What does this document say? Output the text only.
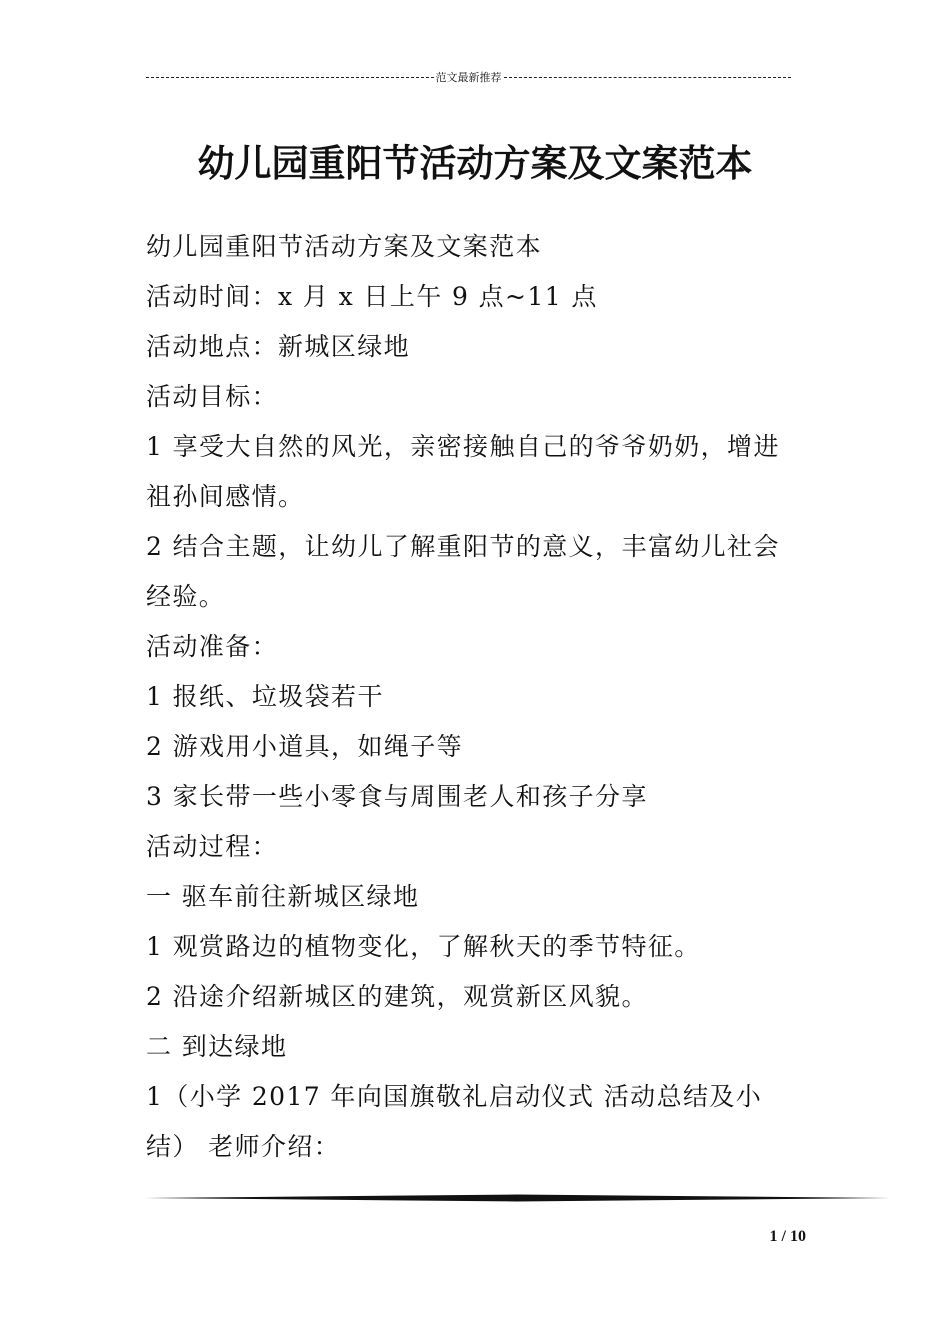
范文最新推荐
幼儿园重阳节活动方案及文案范本
幼儿园重阳节活动方案及文案范本
活动时间：x 月 x 日上午 9 点~11 点
活动地点：新城区绿地
活动目标：
1 享受大自然的风光，亲密接触自己的爷爷奶奶，增进
祖孙间感情。
2 结合主题，让幼儿了解重阳节的意义，丰富幼儿社会
经验。
活动准备：
1 报纸、垃圾袋若干
2 游戏用小道具，如绳子等
3 家长带一些小零食与周围老人和孩子分享
活动过程：
一 驱车前往新城区绿地
1 观赏路边的植物变化，了解秋天的季节特征。
2 沿途介绍新城区的建筑，观赏新区风貌。
二 到达绿地
1（小学 2017 年向国旗敬礼启动仪式 活动总结及小
结） 老师介绍：
1 / 10
